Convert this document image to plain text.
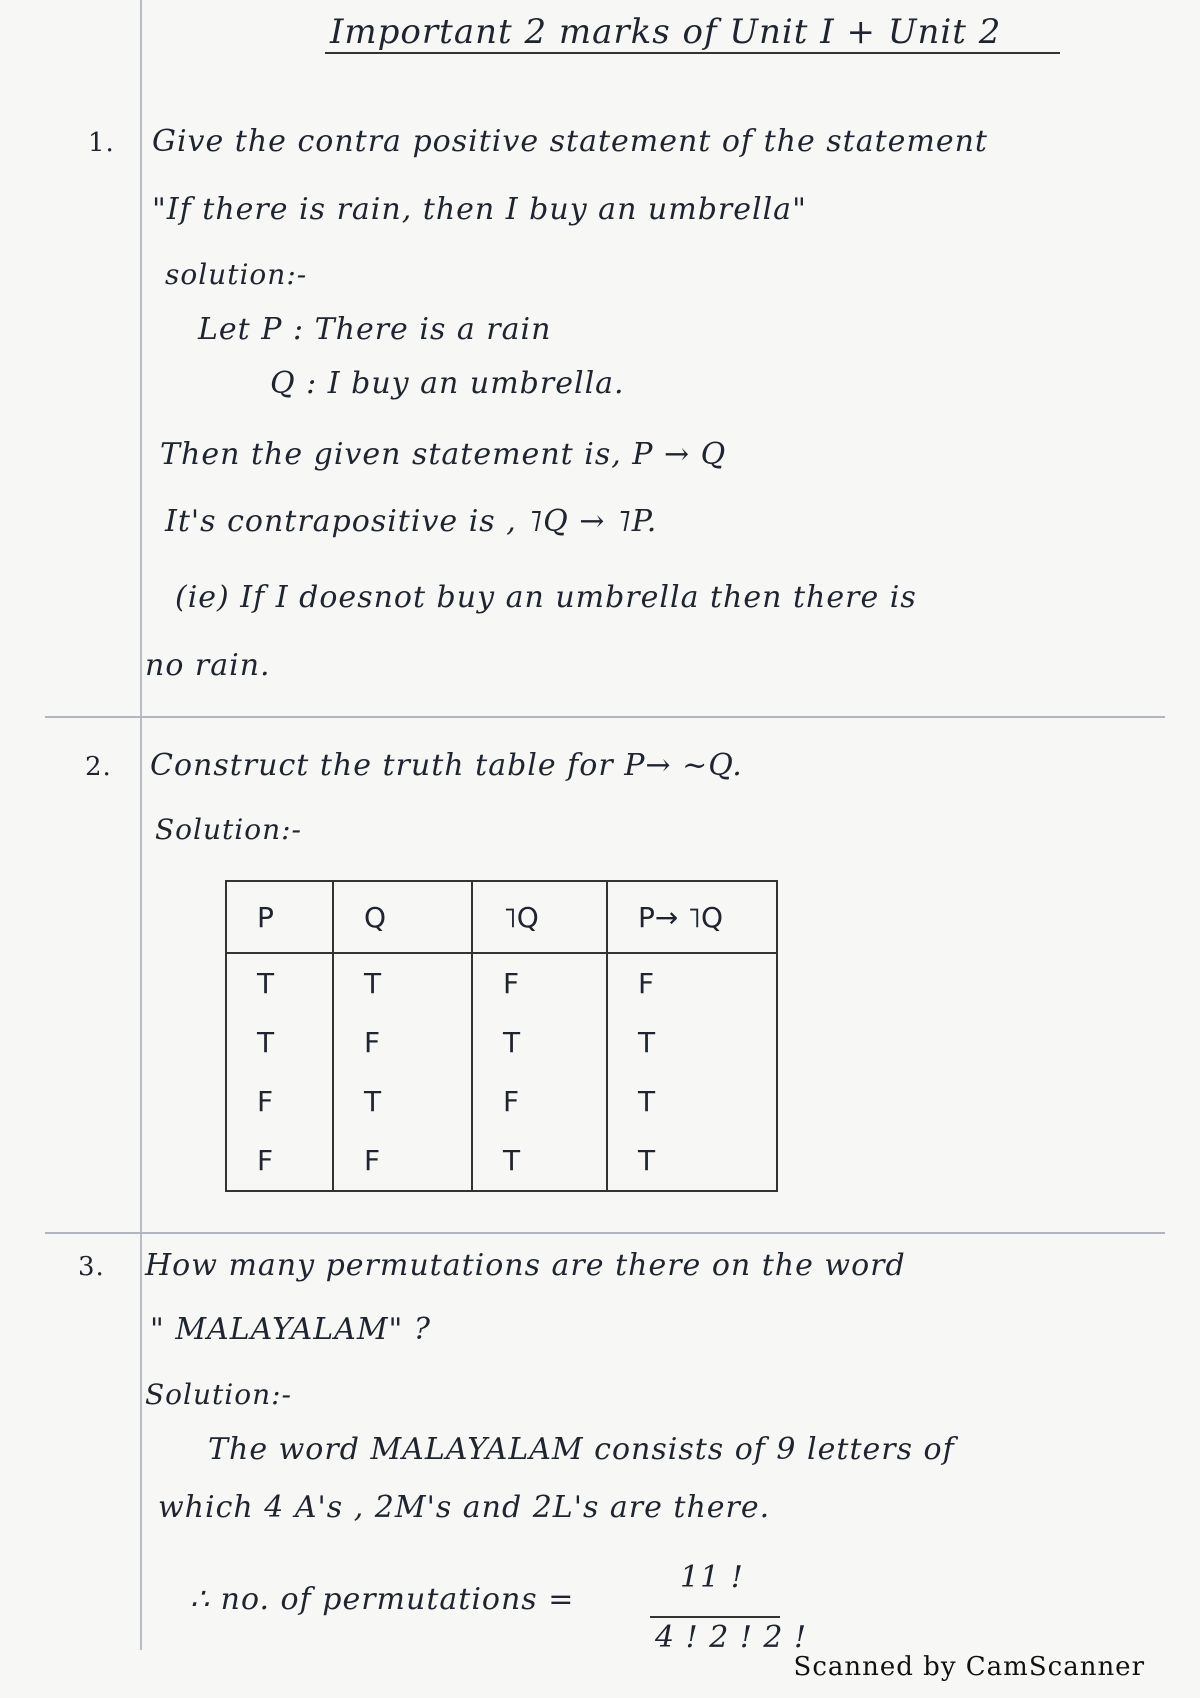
Important 2 marks of Unit I + Unit 2
1. Give the contra positive statement of the statement
"If there is rain, then I buy an umbrella"
solution:-
Let P : There is a rain
Q : I buy an umbrella.
Then the given statement is, P → Q
It's contrapositive is , ˥Q → ˥P.
(ie) If I doesnot buy an umbrella then there is
no rain.
2. Construct the truth table for P→ ~Q.
Solution:-
P	Q	˥Q	P→ ˥Q
T	T	F	F
T	F	T	T
F	T	F	T
F	F	T	T
3. How many permutations are there on the word
" MALAYALAM" ?
Solution:-
The word MALAYALAM consists of 9 letters of
which 4 A's , 2M's and 2L's are there.
∴ no. of permutations =
11 !
4 ! 2 ! 2 !
Scanned by CamScanner
